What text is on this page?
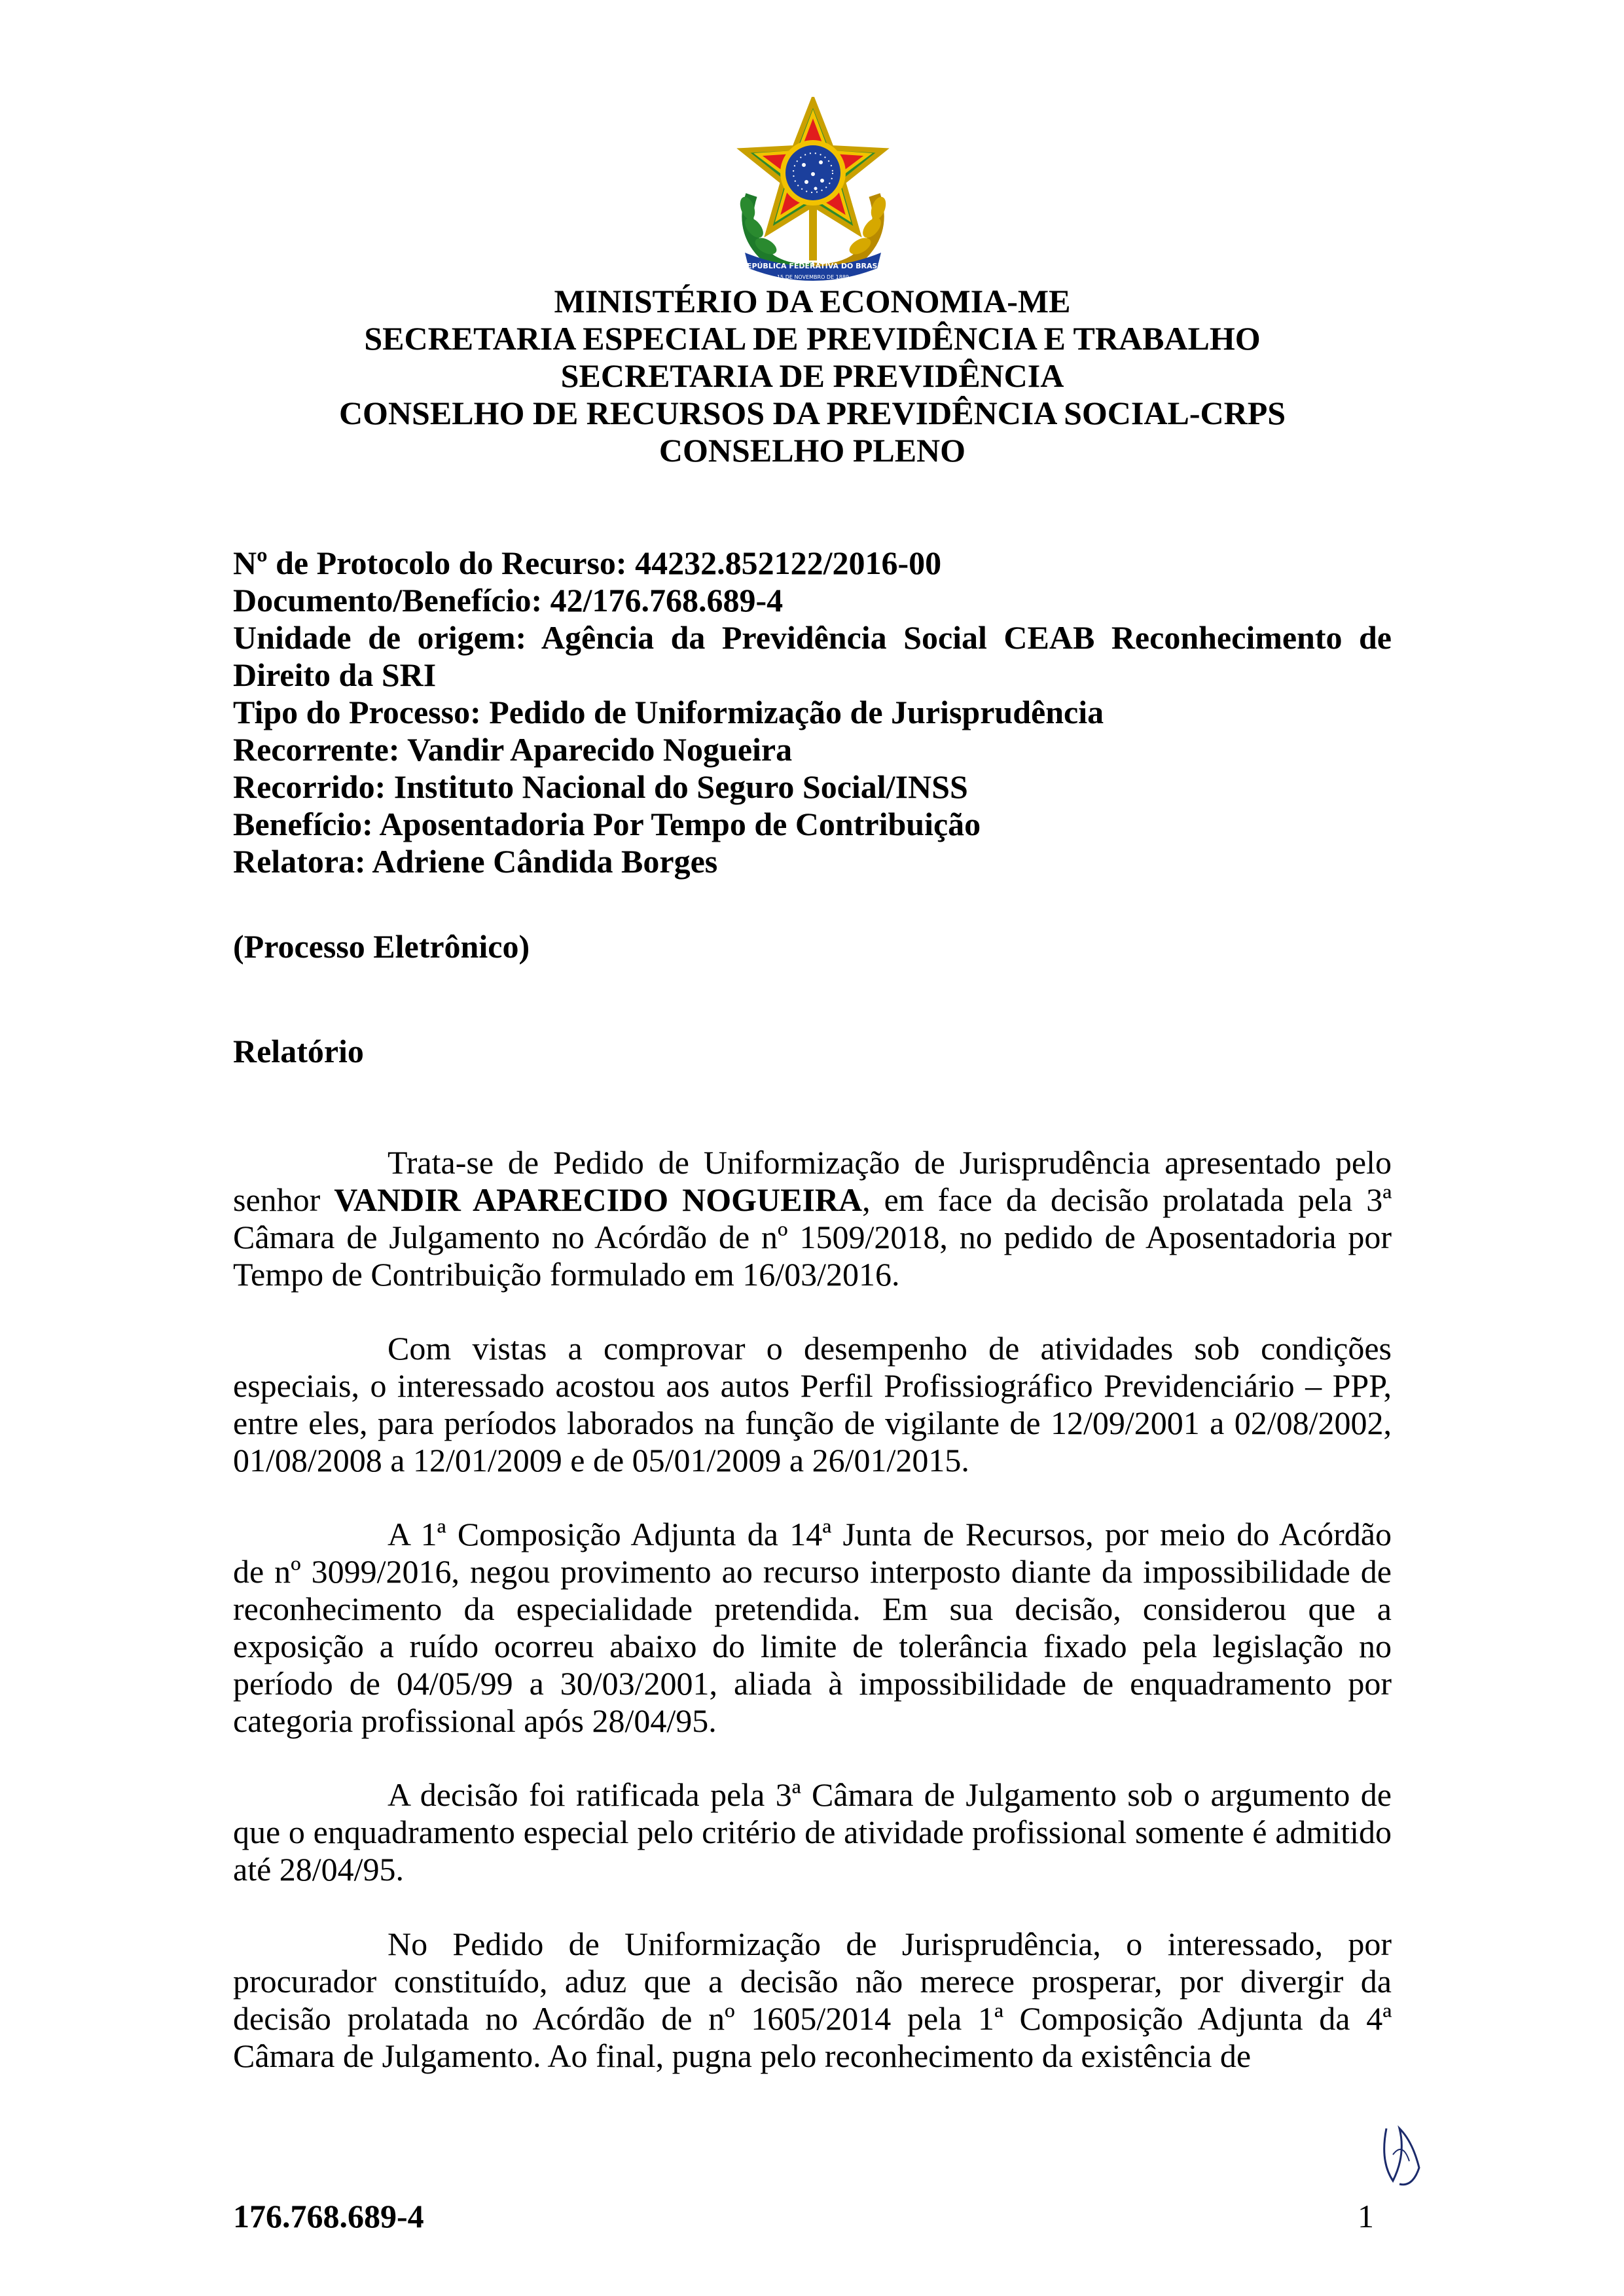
REPÚBLICA FEDERATIVA DO BRASIL
15 DE NOVEMBRO DE 1889
MINISTÉRIO DA ECONOMIA-ME
SECRETARIA ESPECIAL DE PREVIDÊNCIA E TRABALHO
SECRETARIA DE PREVIDÊNCIA
CONSELHO DE RECURSOS DA PREVIDÊNCIA SOCIAL-CRPS
CONSELHO PLENO
Nº de Protocolo do Recurso: 44232.852122/2016-00
Documento/Benefício: 42/176.768.689-4
Unidade de origem: Agência da Previdência Social CEAB Reconhecimento de
Direito da SRI
Tipo do Processo: Pedido de Uniformização de Jurisprudência
Recorrente: Vandir Aparecido Nogueira
Recorrido: Instituto Nacional do Seguro Social/INSS
Benefício: Aposentadoria Por Tempo de Contribuição
Relatora: Adriene Cândida Borges
(Processo Eletrônico)
Relatório

Trata-se de Pedido de Uniformização de Jurisprudência apresentado pelo senhor VANDIR APARECIDO NOGUEIRA, em face da decisão prolatada pela 3ª Câmara de Julgamento no Acórdão de nº 1509/2018, no pedido de Aposentadoria por Tempo de Contribuição formulado em 16/03/2016.

Com vistas a comprovar o desempenho de atividades sob condições especiais, o interessado acostou aos autos Perfil Profissiográfico Previdenciário – PPP, entre eles, para períodos laborados na função de vigilante de 12/09/2001 a 02/08/2002, 01/08/2008 a 12/01/2009 e de 05/01/2009 a 26/01/2015.

A 1ª Composição Adjunta da 14ª Junta de Recursos, por meio do Acórdão de nº 3099/2016, negou provimento ao recurso interposto diante da impossibilidade de reconhecimento da especialidade pretendida. Em sua decisão, considerou que a exposição a ruído ocorreu abaixo do limite de tolerância fixado pela legislação no período de 04/05/99 a 30/03/2001, aliada à impossibilidade de enquadramento por categoria profissional após 28/04/95.

A decisão foi ratificada pela 3ª Câmara de Julgamento sob o argumento de que o enquadramento especial pelo critério de atividade profissional somente é admitido até 28/04/95.

No Pedido de Uniformização de Jurisprudência, o interessado, por procurador constituído, aduz que a decisão não merece prosperar, por divergir da decisão prolatada no Acórdão de nº 1605/2014 pela 1ª Composição Adjunta da 4ª Câmara de Julgamento. Ao final, pugna pelo reconhecimento da existência de

176.768.689-4	1
